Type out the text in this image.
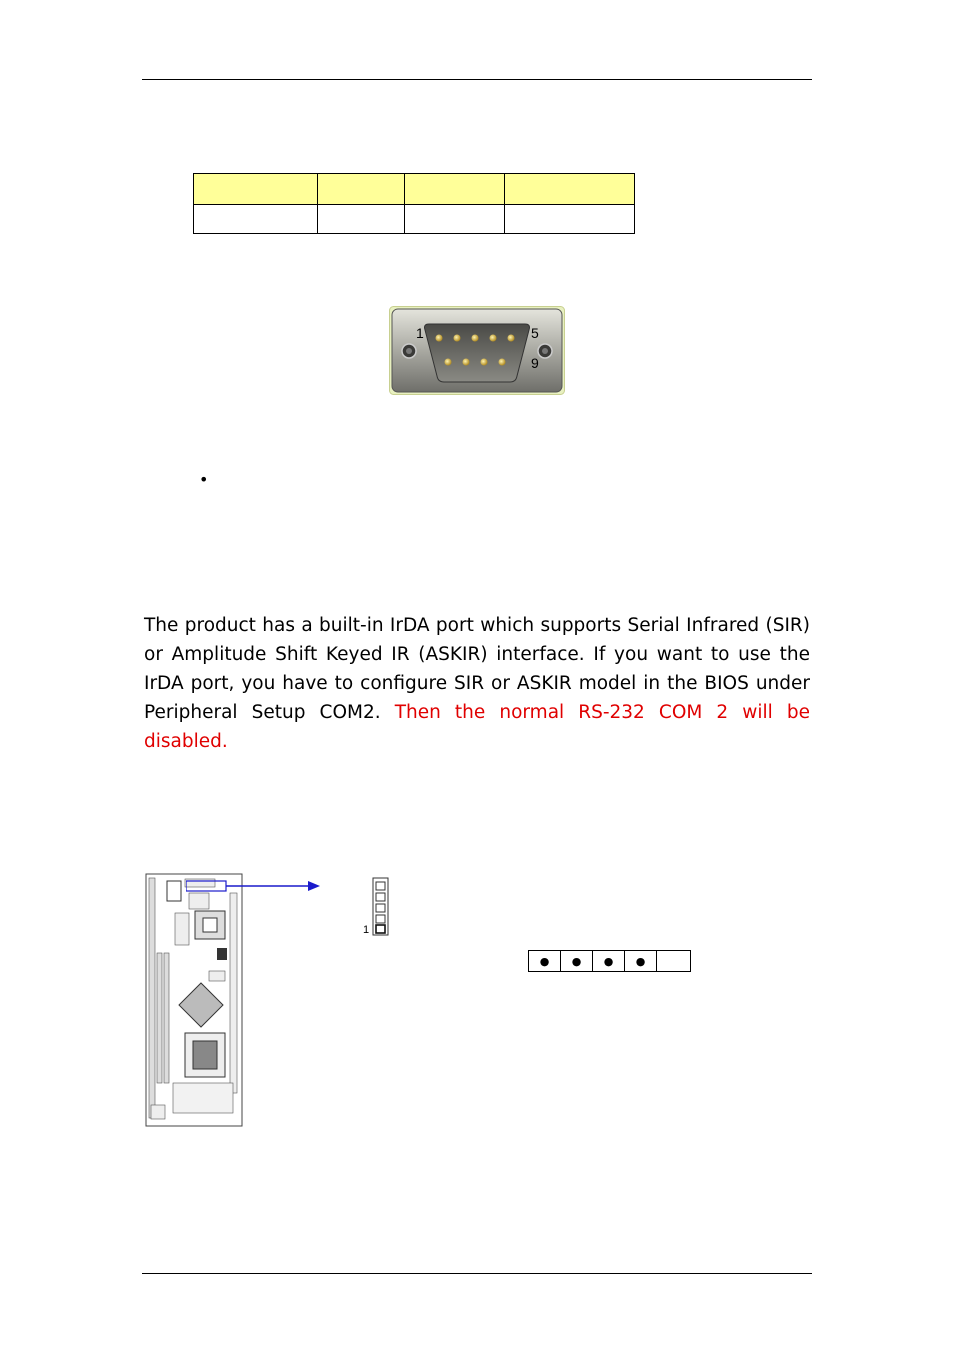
1	5
9
•

The product has a built-in IrDA port which supports Serial Infrared (SIR) or Amplitude Shift Keyed IR (ASKIR) interface. If you want to use the IrDA port, you have to configure SIR or ASKIR model in the BIOS under Peripheral Setup COM2. Then the normal RS-232 COM 2 will be disabled.

1
●	●	●	●	
